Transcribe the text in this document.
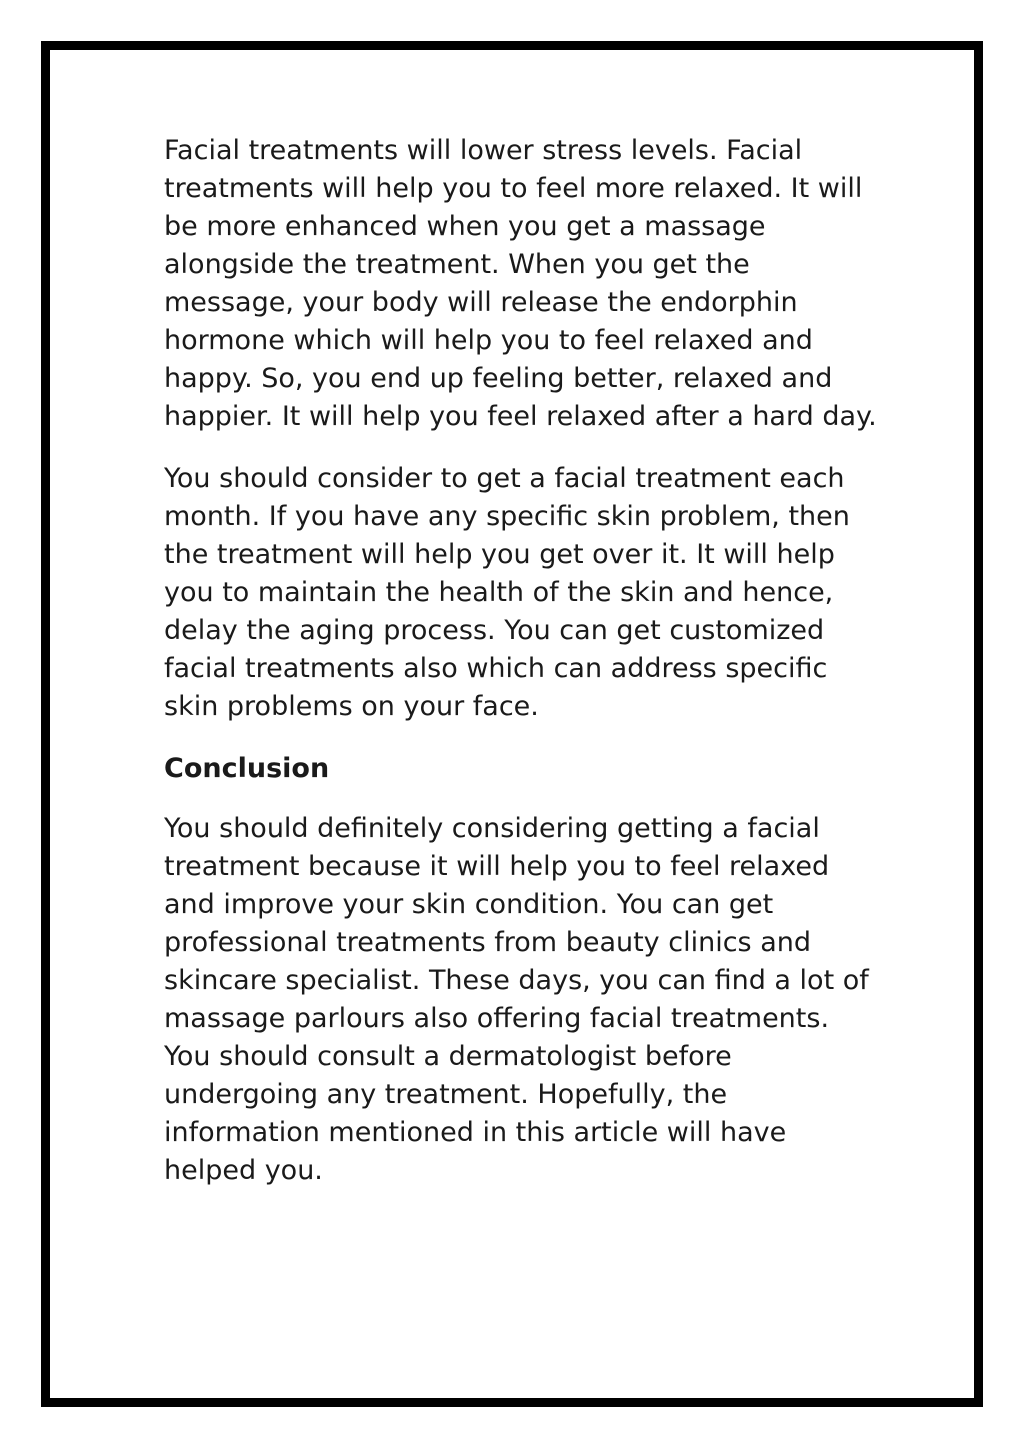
Facial treatments will lower stress levels. Facial treatments will help you to feel more relaxed. It will be more enhanced when you get a massage alongside the treatment. When you get the message, your body will release the endorphin hormone which will help you to feel relaxed and happy. So, you end up feeling better, relaxed and happier. It will help you feel relaxed after a hard day.

You should consider to get a facial treatment each month. If you have any specific skin problem, then the treatment will help you get over it. It will help you to maintain the health of the skin and hence, delay the aging process. You can get customized facial treatments also which can address specific skin problems on your face.

Conclusion

You should definitely considering getting a facial treatment because it will help you to feel relaxed and improve your skin condition. You can get professional treatments from beauty clinics and skincare specialist. These days, you can find a lot of massage parlours also offering facial treatments. You should consult a dermatologist before undergoing any treatment. Hopefully, the information mentioned in this article will have helped you.
